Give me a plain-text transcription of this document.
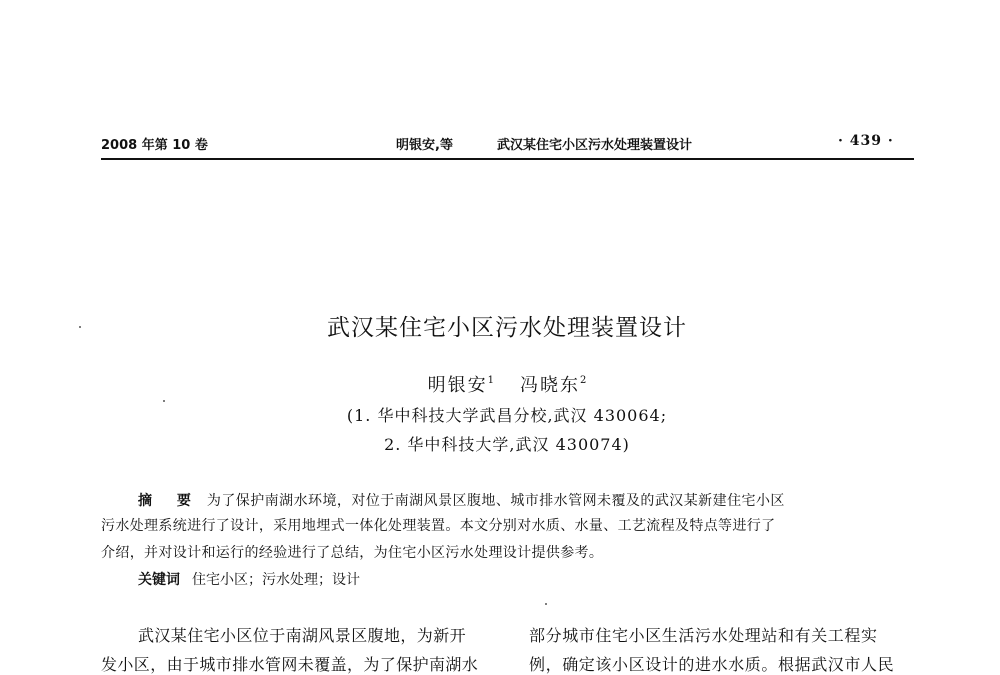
2008 年第 10 卷	明银安,等	武汉某住宅小区污水处理装置设计	· 439 ·
武汉某住宅小区污水处理装置设计
明银安$^1$ 冯晓东$^2$
(1. 华中科技大学武昌分校,武汉 430064;
2. 华中科技大学,武汉 430074)
摘 要 为了保护南湖水环境，对位于南湖风景区腹地、城市排水管网未覆及的武汉某新建住宅小区
污水处理系统进行了设计，采用地埋式一体化处理装置。本文分别对水质、水量、工艺流程及特点等进行了
介绍，并对设计和运行的经验进行了总结，为住宅小区污水处理设计提供参考。
关键词 住宅小区；污水处理；设计
武汉某住宅小区位于南湖风景区腹地，为新开
发小区，由于城市排水管网未覆盖，为了保护南湖水
部分城市住宅小区生活污水处理站和有关工程实
例，确定该小区设计的进水水质。根据武汉市人民
